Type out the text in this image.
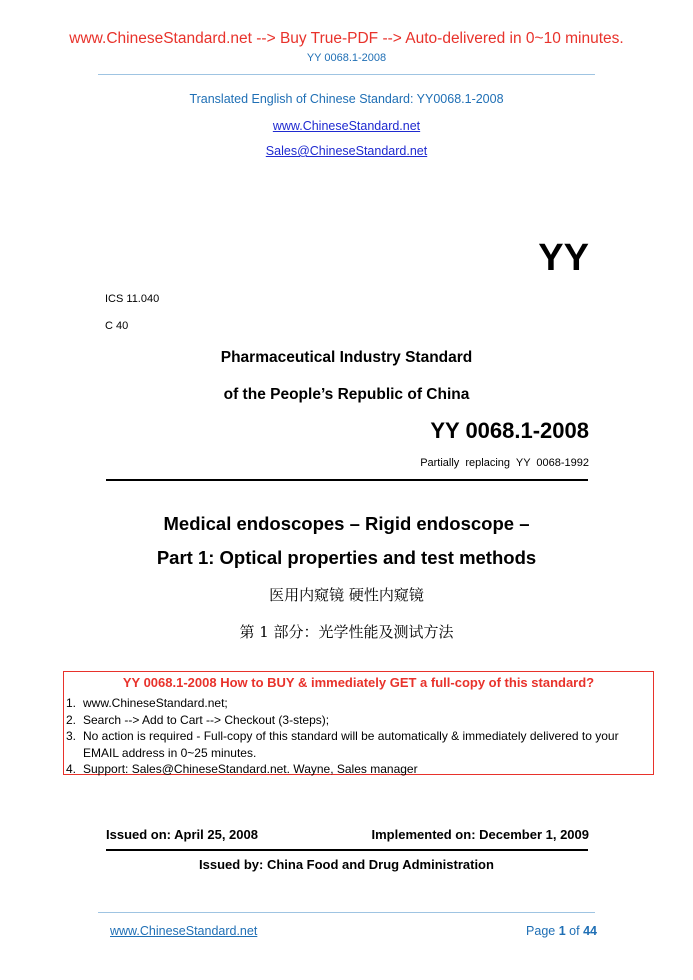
www.ChineseStandard.net --> Buy True-PDF --> Auto-delivered in 0~10 minutes.
YY 0068.1-2008
Translated English of Chinese Standard: YY0068.1-2008
www.ChineseStandard.net
Sales@ChineseStandard.net
YY
ICS 11.040
C 40
Pharmaceutical Industry Standard
of the People’s Republic of China
YY 0068.1-2008
Partially replacing YY 0068-1992
Medical endoscopes – Rigid endoscope –
Part 1: Optical properties and test methods
医用内窥镜 硬性内窥镜
第 1 部分：光学性能及测试方法
YY 0068.1-2008 How to BUY & immediately GET a full-copy of this standard?
1. www.ChineseStandard.net;
2. Search --> Add to Cart --> Checkout (3-steps);
3. No action is required - Full-copy of this standard will be automatically & immediately delivered to your EMAIL address in 0~25 minutes.
4. Support: Sales@ChineseStandard.net. Wayne, Sales manager
Issued on: April 25, 2008	Implemented on: December 1, 2009
Issued by: China Food and Drug Administration
www.ChineseStandard.net	Page 1 of 44
